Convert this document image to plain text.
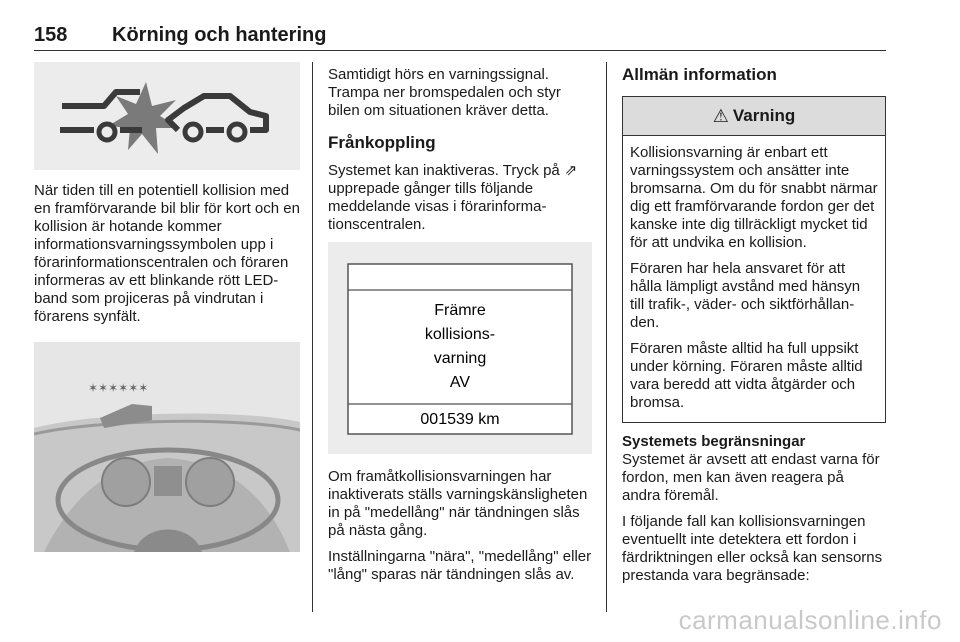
158 Körning och hantering

När tiden till en potentiell kollision med en framförvarande bil blir för kort och en kollision är hotande kommer informationsvarningssymbolen upp i förarinformationscentralen och föraren informeras av ett blinkande rött LED-band som projiceras på vindrutan i förarens synfält.

✶✶✶✶✶✶

Samtidigt hörs en varningssignal. Trampa ner bromspedalen och styr bilen om situationen kräver detta.

Frånkoppling

Systemet kan inaktiveras. Tryck på ⇗ upprepade gånger tills följande meddelande visas i förarinformationscentralen.

Främre
kollisions-
varning
AV
001539 km

Om framåtkollisionsvarningen har inaktiverats ställs varningskänsligheten in på "medellång" när tändningen slås på nästa gång.

Inställningarna "nära", "medellång" eller "lång" sparas när tändningen slås av.

Allmän information
⚠ Varning

Kollisionsvarning är enbart ett varningssystem och ansätter inte bromsarna. Om du för snabbt närmar dig ett framförvarande fordon ger det kanske inte dig tillräckligt mycket tid för att undvika en kollision.

Föraren har hela ansvaret för att hålla lämpligt avstånd med hänsyn till trafik-, väder- och siktförhållanden.

Föraren måste alltid ha full uppsikt under körning. Föraren måste alltid vara beredd att vidta åtgärder och bromsa.

Systemets begränsningar

Systemet är avsett att endast varna för fordon, men kan även reagera på andra föremål.

I följande fall kan kollisionsvarningen eventuellt inte detektera ett fordon i färdriktningen eller också kan sensorns prestanda vara begränsade:

carmanualsonline.info
